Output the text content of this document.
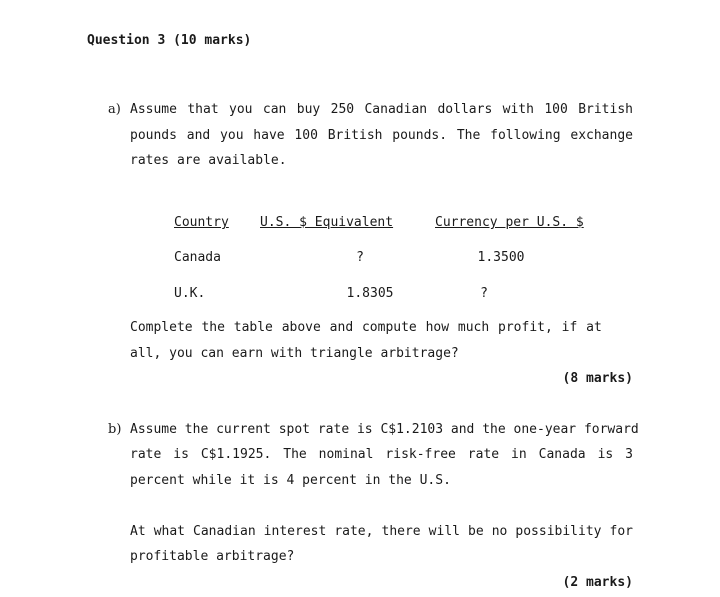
Question 3 (10 marks)
a) Assume that you can buy 250 Canadian dollars with 100 British
pounds and you have 100 British pounds. The following exchange
rates are available.
Country U.S. $ Equivalent	Currency per U.S. $
Canada	?	1.3500
U.K.	1.8305	?
Complete the table above and compute how much profit, if at
all, you can earn with triangle arbitrage?
(8 marks)
b) Assume the current spot rate is C$1.2103 and the one-year forward
rate is C$1.1925. The nominal risk-free rate in Canada is 3
percent while it is 4 percent in the U.S.
At what Canadian interest rate, there will be no possibility for
profitable arbitrage?
(2 marks)
